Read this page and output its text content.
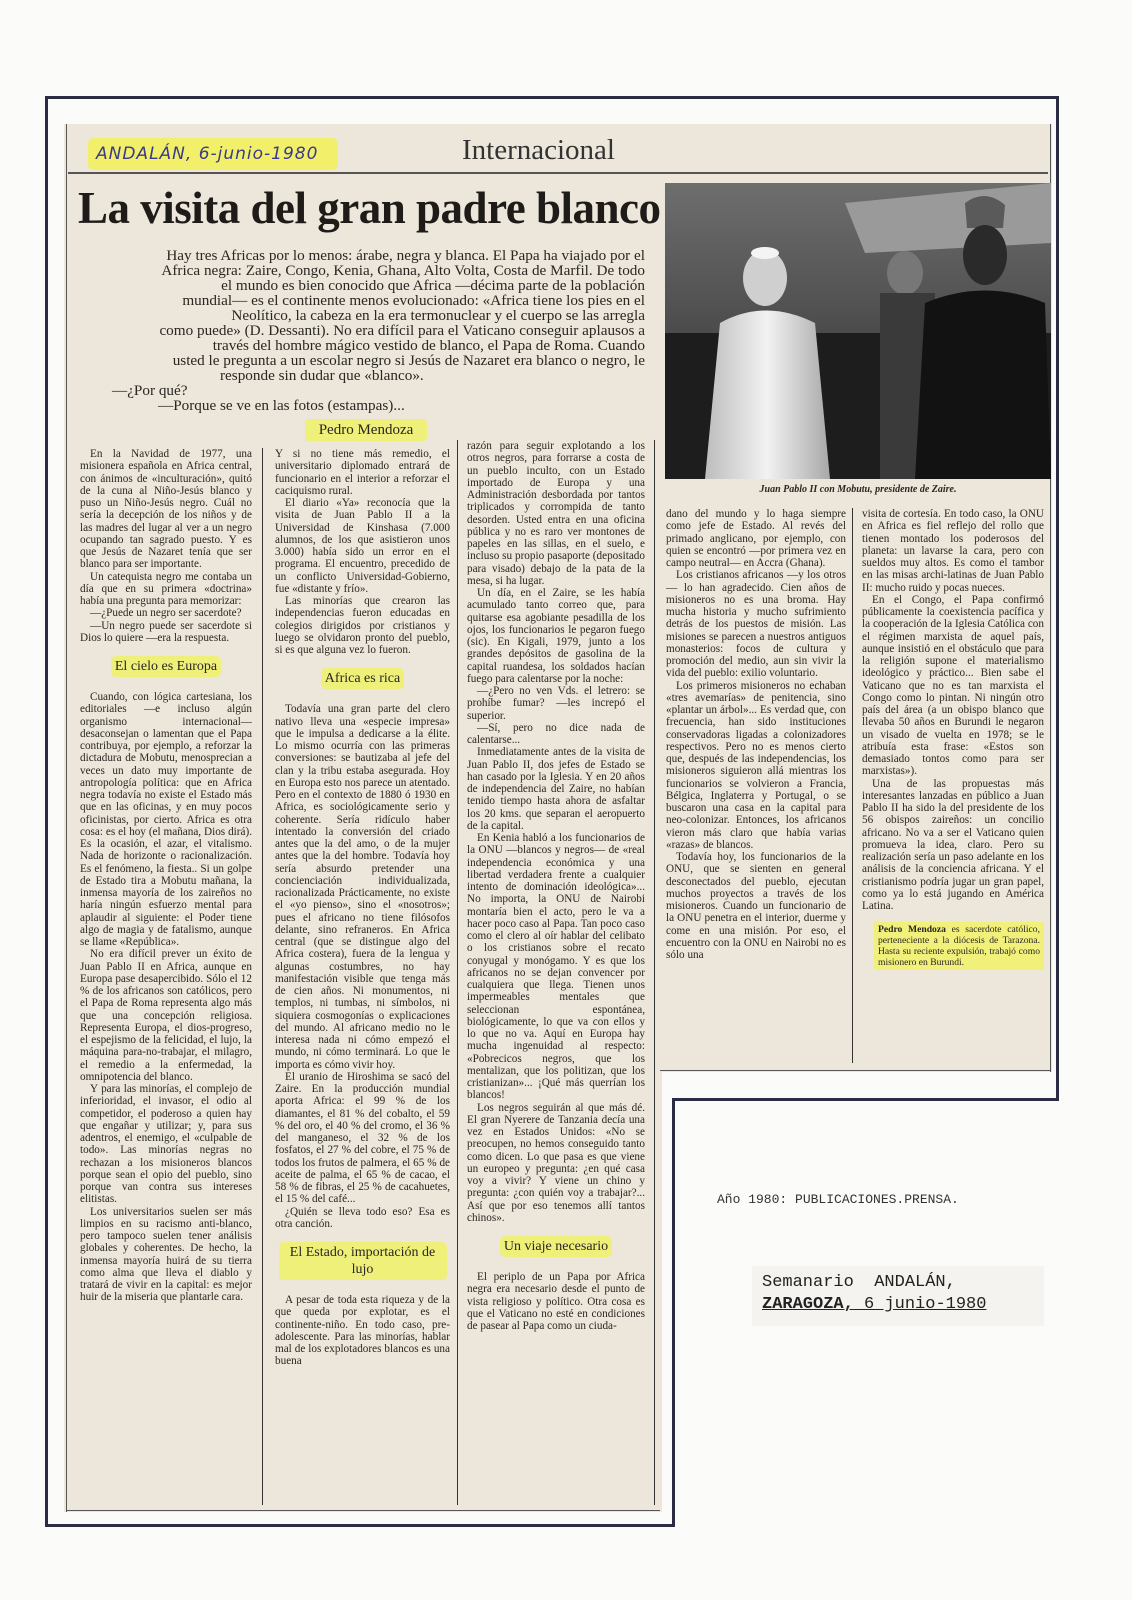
ANDALÁN, 6-junio-1980	Internacional
La visita del gran padre blanco

Hay tres Africas por lo menos: árabe, negra y blanca. El Papa ha viajado por el

Africa negra: Zaire, Congo, Kenia, Ghana, Alto Volta, Costa de Marfil. De todo

el mundo es bien conocido que Africa —décima parte de la población

mundial— es el continente menos evolucionado: «Africa tiene los pies en el

Neolítico, la cabeza en la era termonuclear y el cuerpo se las arregla

como puede» (D. Dessanti). No era difícil para el Vaticano conseguir aplausos a

través del hombre mágico vestido de blanco, el Papa de Roma. Cuando

usted le pregunta a un escolar negro si Jesús de Nazaret era blanco o negro, le

responde sin dudar que «blanco».

—¿Por qué?

—Porque se ve en las fotos (estampas)...

Pedro Mendoza
Juan Pablo II con Mobutu, presidente de Zaire.

En la Navidad de 1977, una misionera española en Africa central, con ánimos de «inculturación», quitó de la cuna al Niño-Jesús blanco y puso un Niño-Jesús negro. Cuál no sería la decepción de los niños y de las madres del lugar al ver a un negro ocupando tan sagrado puesto. Y es que Jesús de Nazaret tenía que ser blanco para ser importante.

Un catequista negro me contaba un día que en su primera «doctrina» había una pregunta para memorizar:

—¿Puede un negro ser sacerdote?

—Un negro puede ser sacerdote si Dios lo quiere —era la respuesta.

El cielo es Europa

Cuando, con lógica cartesiana, los editoriales —e incluso algún organismo internacional— desaconsejan o lamentan que el Papa contribuya, por ejemplo, a reforzar la dictadura de Mobutu, menosprecian a veces un dato muy importante de antropología política: que en Africa negra todavía no existe el Estado más que en las oficinas, y en muy pocos oficinistas, por cierto. Africa es otra cosa: es el hoy (el mañana, Dios dirá). Es la ocasión, el azar, el vitalismo. Nada de horizonte o racionalización. Es el fenómeno, la fiesta.. Si un golpe de Estado tira a Mobutu mañana, la inmensa mayoría de los zaireños no haría ningún esfuerzo mental para aplaudir al siguiente: el Poder tiene algo de magia y de fatalismo, aunque se llame «República».

No era difícil prever un éxito de Juan Pablo II en Africa, aunque en Europa pase desapercibido. Sólo el 12 % de los africanos son católicos, pero el Papa de Roma representa algo más que una concepción religiosa. Representa Europa, el dios-progreso, el espejismo de la felicidad, el lujo, la máquina para-no-trabajar, el milagro, el remedio a la enfermedad, la omnipotencia del blanco.

Y para las minorías, el complejo de inferioridad, el invasor, el odio al competidor, el poderoso a quien hay que engañar y utilizar; y, para sus adentros, el enemigo, el «culpable de todo». Las minorías negras no rechazan a los misioneros blancos porque sean el opio del pueblo, sino porque van contra sus intereses elitistas.

Los universitarios suelen ser más limpios en su racismo anti-blanco, pero tampoco suelen tener análisis globales y coherentes. De hecho, la inmensa mayoría huirá de su tierra como alma que lleva el diablo y tratará de vivir en la capital: es mejor huir de la miseria que plantarle cara.

Y si no tiene más remedio, el universitario diplomado entrará de funcionario en el interior a reforzar el caciquismo rural.

El diario «Ya» reconocía que la visita de Juan Pablo II a la Universidad de Kinshasa (7.000 alumnos, de los que asistieron unos 3.000) había sido un error en el programa. El encuentro, precedido de un conflicto Universidad-Gobierno, fue «distante y frío».

Las minorías que crearon las independencias fueron educadas en colegios dirigidos por cristianos y luego se olvidaron pronto del pueblo, si es que alguna vez lo fueron.

Africa es rica

Todavía una gran parte del clero nativo lleva una «especie impresa» que le impulsa a dedicarse a la élite. Lo mismo ocurría con las primeras conversiones: se bautizaba al jefe del clan y la tribu estaba asegurada. Hoy en Europa esto nos parece un atentado. Pero en el contexto de 1880 ó 1930 en Africa, es sociológicamente serio y coherente. Sería ridículo haber intentado la conversión del criado antes que la del amo, o de la mujer antes que la del hombre. Todavía hoy sería absurdo pretender una concienciación individualizada, racionalizada Prácticamente, no existe el «yo pienso», sino el «nosotros»; pues el africano no tiene filósofos delante, sino refraneros. En Africa central (que se distingue algo del Africa costera), fuera de la lengua y algunas costumbres, no hay manifestación visible que tenga más de cien años. Ni monumentos, ni templos, ni tumbas, ni símbolos, ni siquiera cosmogonías o explicaciones del mundo. Al africano medio no le interesa nada ni cómo empezó el mundo, ni cómo terminará. Lo que le importa es cómo vivir hoy.

El uranio de Hiroshima se sacó del Zaire. En la producción mundial aporta Africa: el 99 % de los diamantes, el 81 % del cobalto, el 59 % del oro, el 40 % del cromo, el 36 % del manganeso, el 32 % de los fosfatos, el 27 % del cobre, el 75 % de todos los frutos de palmera, el 65 % de aceite de palma, el 65 % de cacao, el 58 % de fibras, el 25 % de cacahuetes, el 15 % del café...

¿Quién se lleva todo eso? Esa es otra canción.

El Estado, importación de lujo

A pesar de toda esta riqueza y de la que queda por explotar, es el continente-niño. En todo caso, pre-adolescente. Para las minorías, hablar mal de los explotadores blancos es una buena

razón para seguir explotando a los otros negros, para forrarse a costa de un pueblo inculto, con un Estado importado de Europa y una Administración desbordada por tantos triplicados y corrompida de tanto desorden. Usted entra en una oficina pública y no es raro ver montones de papeles en las sillas, en el suelo, e incluso su propio pasaporte (depositado para visado) debajo de la pata de la mesa, si ha lugar.

Un día, en el Zaire, se les había acumulado tanto correo que, para quitarse esa agobiante pesadilla de los ojos, los funcionarios le pegaron fuego (sic). En Kigali, 1979, junto a los grandes depósitos de gasolina de la capital ruandesa, los soldados hacían fuego para calentarse por la noche:

—¿Pero no ven Vds. el letrero: se prohíbe fumar? —les increpó el superior.

—Sí, pero no dice nada de calentarse...

Inmediatamente antes de la visita de Juan Pablo II, dos jefes de Estado se han casado por la Iglesia. Y en 20 años de independencia del Zaire, no habían tenido tiempo hasta ahora de asfaltar los 20 kms. que separan el aeropuerto de la capital.

En Kenia habló a los funcionarios de la ONU —blancos y negros— de «real independencia económica y una libertad verdadera frente a cualquier intento de dominación ideológica»... No importa, la ONU de Nairobi montaría bien el acto, pero le va a hacer poco caso al Papa. Tan poco caso como el clero al oír hablar del celibato o los cristianos sobre el recato conyugal y monógamo. Y es que los africanos no se dejan convencer por cualquiera que llega. Tienen unos impermeables mentales que seleccionan espontánea, biológicamente, lo que va con ellos y lo que no va. Aquí en Europa hay mucha ingenuidad al respecto: «Pobrecicos negros, que los mentalizan, que los politizan, que los cristianizan»... ¡Qué más querrían los blancos!

Los negros seguirán al que más dé. El gran Nyerere de Tanzania decía una vez en Estados Unidos: «No se preocupen, no hemos conseguido tanto como dicen. Lo que pasa es que viene un europeo y pregunta: ¿en qué casa voy a vivir? Y viene un chino y pregunta: ¿con quién voy a trabajar?... Así que por eso tenemos allí tantos chinos».

Un viaje necesario

El periplo de un Papa por Africa negra era necesario desde el punto de vista religioso y político. Otra cosa es que el Vaticano no esté en condiciones de pasear al Papa como un ciuda-

dano del mundo y lo haga siempre como jefe de Estado. Al revés del primado anglicano, por ejemplo, con quien se encontró —por primera vez en campo neutral— en Accra (Ghana).

Los cristianos africanos —y los otros— lo han agradecido. Cien años de misioneros no es una broma. Hay mucha historia y mucho sufrimiento detrás de los puestos de misión. Las misiones se parecen a nuestros antiguos monasterios: focos de cultura y promoción del medio, aun sin vivir la vida del pueblo: exilio voluntario.

Los primeros misioneros no echaban «tres avemarías» de penitencia, sino «plantar un árbol»... Es verdad que, con frecuencia, han sido instituciones conservadoras ligadas a colonizadores respectivos. Pero no es menos cierto que, después de las independencias, los misioneros siguieron allá mientras los funcionarios se volvieron a Francia, Bélgica, Inglaterra y Portugal, o se buscaron una casa en la capital para neo-colonizar. Entonces, los africanos vieron más claro que había varias «razas» de blancos.

Todavía hoy, los funcionarios de la ONU, que se sienten en general desconectados del pueblo, ejecutan muchos proyectos a través de los misioneros. Cuando un funcionario de la ONU penetra en el interior, duerme y come en una misión. Por eso, el encuentro con la ONU en Nairobi no es sólo una

visita de cortesía. En todo caso, la ONU en Africa es fiel reflejo del rollo que tienen montado los poderosos del planeta: un lavarse la cara, pero con sueldos muy altos. Es como el tambor en las misas archi-latinas de Juan Pablo II: mucho ruido y pocas nueces.

En el Congo, el Papa confirmó públicamente la coexistencia pacífica y la cooperación de la Iglesia Católica con el régimen marxista de aquel país, aunque insistió en el obstáculo que para la religión supone el materialismo ideológico y práctico... Bien sabe el Vaticano que no es tan marxista el Congo como lo pintan. Ni ningún otro país del área (a un obispo blanco que llevaba 50 años en Burundi le negaron un visado de vuelta en 1978; se le atribuía esta frase: «Estos son demasiado tontos como para ser marxistas»).

Una de las propuestas más interesantes lanzadas en público a Juan Pablo II ha sido la del presidente de los 56 obispos zaireños: un concilio africano. No va a ser el Vaticano quien promueva la idea, claro. Pero su realización sería un paso adelante en los análisis de la conciencia africana. Y el cristianismo podría jugar un gran papel, como ya lo está jugando en América Latina.

Pedro Mendoza es sacerdote católico, perteneciente a la diócesis de Tarazona. Hasta su reciente expulsión, trabajó como misionero en Burundi.
Año 1980: PUBLICACIONES.PRENSA.
Semanario  ANDALÁN,
ZARAGOZA, 6 junio-1980
